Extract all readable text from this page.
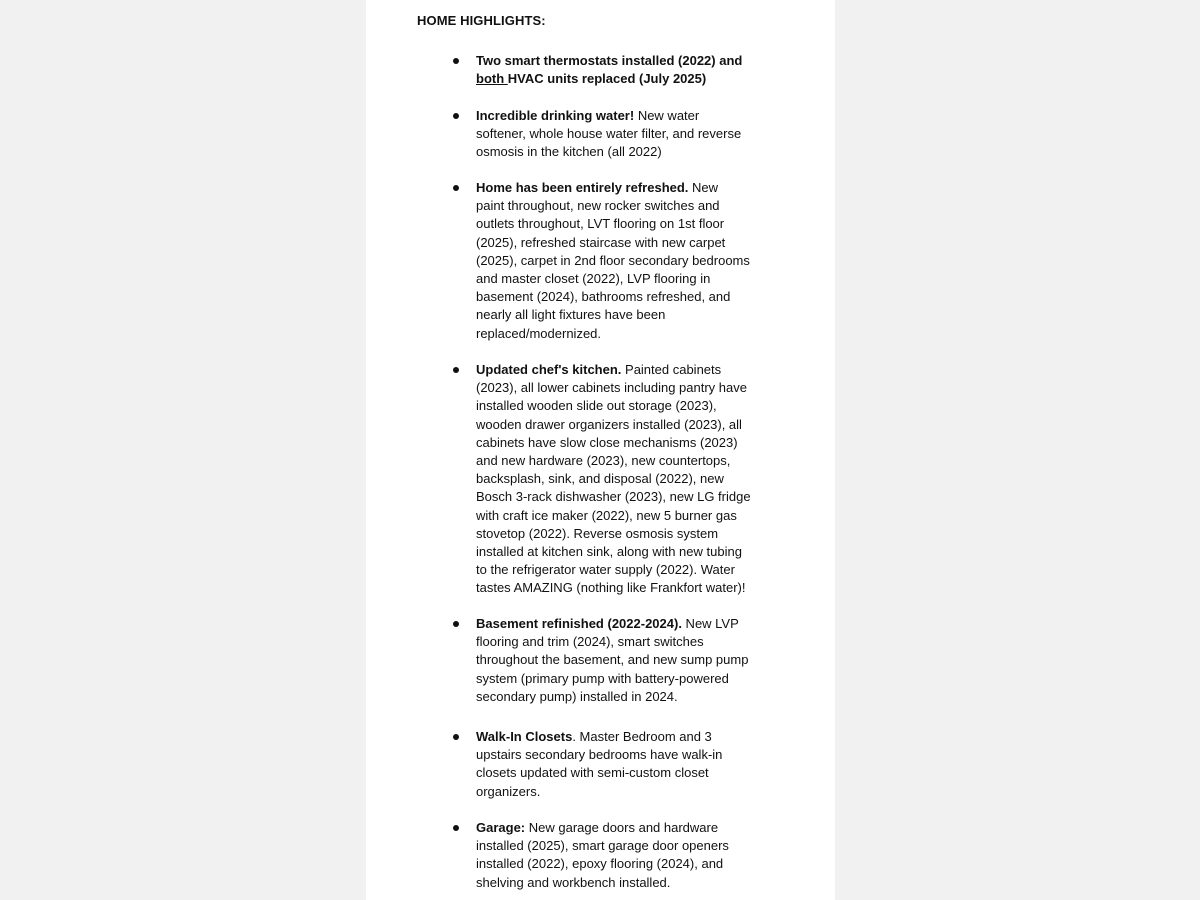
HOME HIGHLIGHTS:
Two smart thermostats installed (2022) and
both HVAC units replaced (July 2025)
Incredible drinking water! New water
softener, whole house water filter, and reverse
osmosis in the kitchen (all 2022)
Home has been entirely refreshed. New
paint throughout, new rocker switches and
outlets throughout, LVT flooring on 1st floor
(2025), refreshed staircase with new carpet
(2025), carpet in 2nd floor secondary bedrooms
and master closet (2022), LVP flooring in
basement (2024), bathrooms refreshed, and
nearly all light fixtures have been
replaced/modernized.
Updated chef's kitchen. Painted cabinets
(2023), all lower cabinets including pantry have
installed wooden slide out storage (2023),
wooden drawer organizers installed (2023), all
cabinets have slow close mechanisms (2023)
and new hardware (2023), new countertops,
backsplash, sink, and disposal (2022), new
Bosch 3-rack dishwasher (2023), new LG fridge
with craft ice maker (2022), new 5 burner gas
stovetop (2022). Reverse osmosis system
installed at kitchen sink, along with new tubing
to the refrigerator water supply (2022). Water
tastes AMAZING (nothing like Frankfort water)!
Basement refinished (2022-2024). New LVP
flooring and trim (2024), smart switches
throughout the basement, and new sump pump
system (primary pump with battery-powered
secondary pump) installed in 2024.
Walk-In Closets. Master Bedroom and 3
upstairs secondary bedrooms have walk-in
closets updated with semi-custom closet
organizers.
Garage: New garage doors and hardware
installed (2025), smart garage door openers
installed (2022), epoxy flooring (2024), and
shelving and workbench installed.
